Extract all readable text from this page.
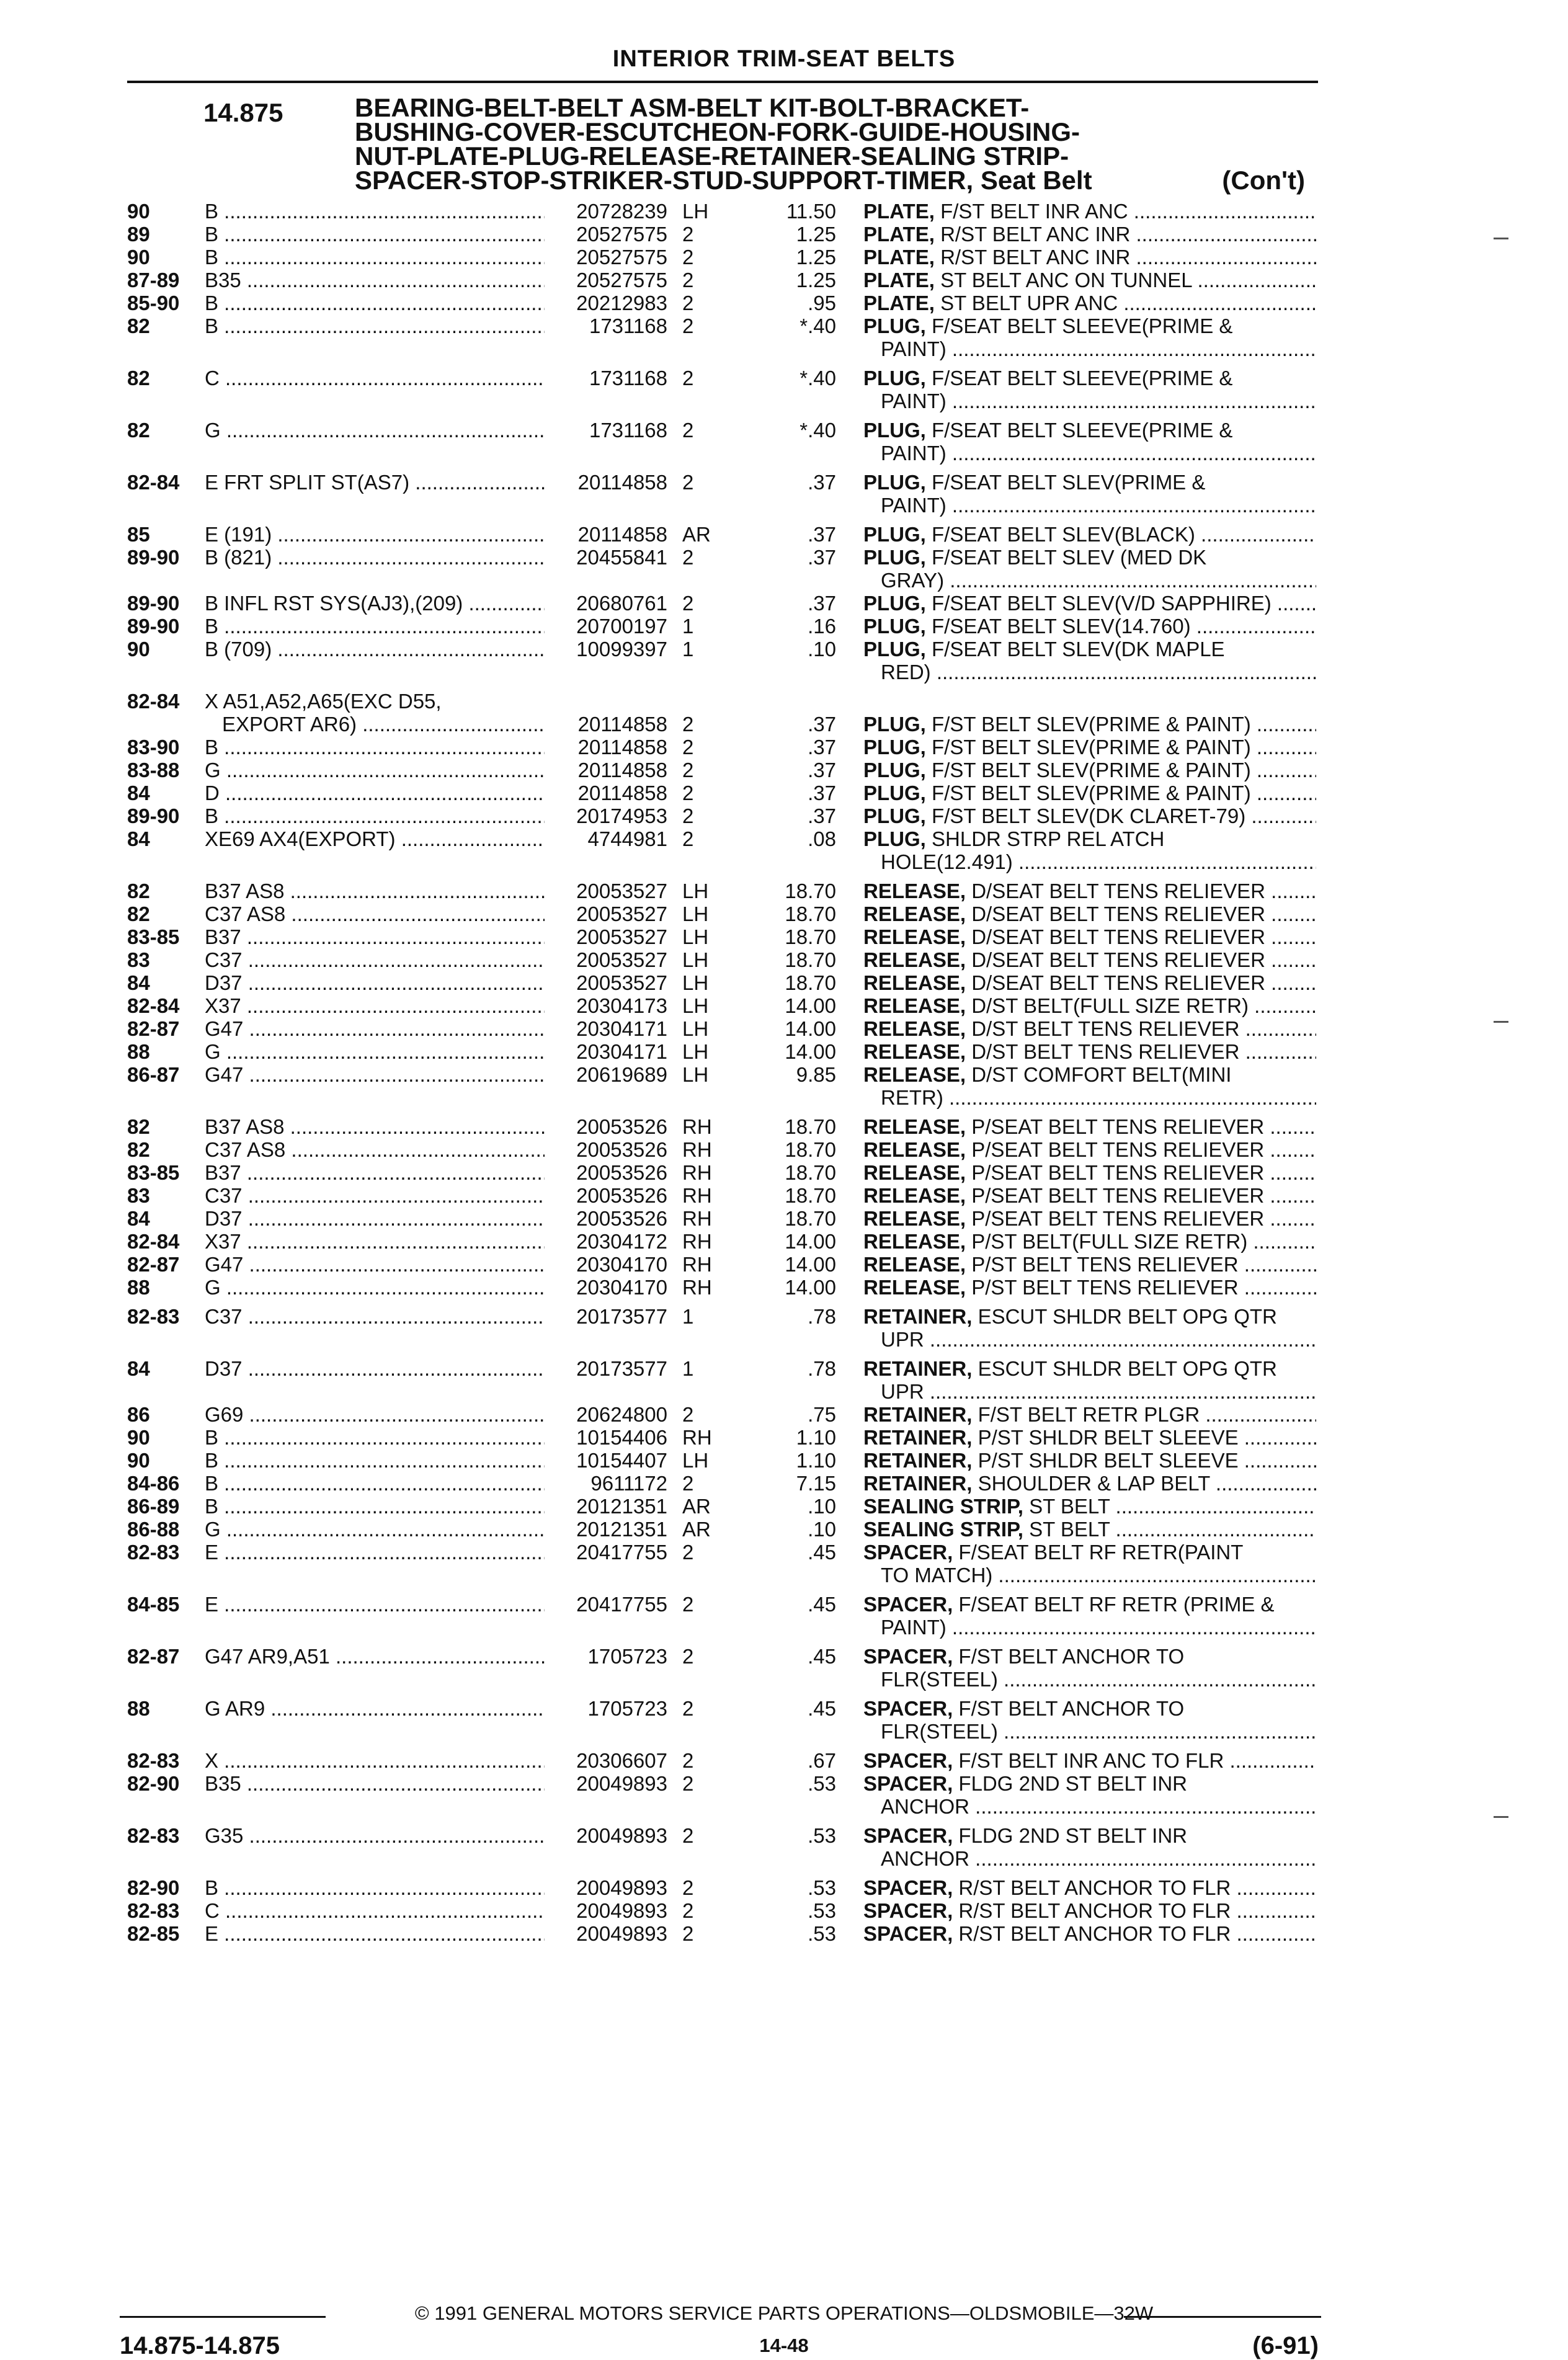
INTERIOR TRIM-SEAT BELTS
14.875	BEARING-BELT-BELT ASM-BELT KIT-BOLT-BRACKET-
BUSHING-COVER-ESCUTCHEON-FORK-GUIDE-HOUSING-
NUT-PLATE-PLUG-RELEASE-RETAINER-SEALING STRIP-
SPACER-STOP-STRIKER-STUD-SUPPORT-TIMER, Seat Belt	(Con't)
90	B .....	20728239 LH	11.50 PLATE, F/ST BELT INR ANC .....
89	B .....	20527575 2	1.25 PLATE, R/ST BELT ANC INR .....
90	B .....	20527575 2	1.25 PLATE, R/ST BELT ANC INR .....
87-89 B35 .....	20527575 2	1.25 PLATE, ST BELT ANC ON TUNNEL .....
85-90 B .....	20212983 2	.95 PLATE, ST BELT UPR ANC .....
82	B .....	1731168 2	*.40 PLUG, F/SEAT BELT SLEEVE(PRIME &
PAINT) .....
82	C .....	1731168 2	*.40 PLUG, F/SEAT BELT SLEEVE(PRIME &
PAINT) .....
82	G .....	1731168 2	*.40 PLUG, F/SEAT BELT SLEEVE(PRIME &
PAINT) .....
82-84 E FRT SPLIT ST(AS7) .....	20114858 2	.37 PLUG, F/SEAT BELT SLEV(PRIME &
PAINT) .....
85	E (191) .....	20114858 AR	.37 PLUG, F/SEAT BELT SLEV(BLACK) .....
89-90 B (821) .....	20455841 2	.37 PLUG, F/SEAT BELT SLEV (MED DK
GRAY) .....
89-90 B INFL RST SYS(AJ3),(209) .....	20680761 2	.37 PLUG, F/SEAT BELT SLEV(V/D SAPPHIRE) .....
89-90 B .....	20700197 1	.16 PLUG, F/SEAT BELT SLEV(14.760) .....
90	B (709) .....	10099397 1	.10 PLUG, F/SEAT BELT SLEV(DK MAPLE
RED) .....
82-84 X A51,A52,A65(EXC D55,
EXPORT AR6) .....	20114858 2	.37 PLUG, F/ST BELT SLEV(PRIME & PAINT) .....
83-90 B .....	20114858 2	.37 PLUG, F/ST BELT SLEV(PRIME & PAINT) .....
83-88 G .....	20114858 2	.37 PLUG, F/ST BELT SLEV(PRIME & PAINT) .....
84	D .....	20114858 2	.37 PLUG, F/ST BELT SLEV(PRIME & PAINT) .....
89-90 B .....	20174953 2	.37 PLUG, F/ST BELT SLEV(DK CLARET-79) .....
84	XE69 AX4(EXPORT) .....	4744981 2	.08 PLUG, SHLDR STRP REL ATCH
HOLE(12.491) .....
82	B37 AS8 .....	20053527 LH	18.70 RELEASE, D/SEAT BELT TENS RELIEVER .....
82	C37 AS8 .....	20053527 LH	18.70 RELEASE, D/SEAT BELT TENS RELIEVER .....
83-85 B37 .....	20053527 LH	18.70 RELEASE, D/SEAT BELT TENS RELIEVER .....
83	C37 .....	20053527 LH	18.70 RELEASE, D/SEAT BELT TENS RELIEVER .....
84	D37 .....	20053527 LH	18.70 RELEASE, D/SEAT BELT TENS RELIEVER .....
82-84 X37 .....	20304173 LH	14.00 RELEASE, D/ST BELT(FULL SIZE RETR) .....
82-87 G47 .....	20304171 LH	14.00 RELEASE, D/ST BELT TENS RELIEVER .....
88	G .....	20304171 LH	14.00 RELEASE, D/ST BELT TENS RELIEVER .....
86-87 G47 .....	20619689 LH	9.85 RELEASE, D/ST COMFORT BELT(MINI
RETR) .....
82	B37 AS8 .....	20053526 RH	18.70 RELEASE, P/SEAT BELT TENS RELIEVER .....
82	C37 AS8 .....	20053526 RH	18.70 RELEASE, P/SEAT BELT TENS RELIEVER .....
83-85 B37 .....	20053526 RH	18.70 RELEASE, P/SEAT BELT TENS RELIEVER .....
83	C37 .....	20053526 RH	18.70 RELEASE, P/SEAT BELT TENS RELIEVER .....
84	D37 .....	20053526 RH	18.70 RELEASE, P/SEAT BELT TENS RELIEVER .....
82-84 X37 .....	20304172 RH	14.00 RELEASE, P/ST BELT(FULL SIZE RETR) .....
82-87 G47 .....	20304170 RH	14.00 RELEASE, P/ST BELT TENS RELIEVER .....
88	G .....	20304170 RH	14.00 RELEASE, P/ST BELT TENS RELIEVER .....
82-83 C37 .....	20173577 1	.78 RETAINER, ESCUT SHLDR BELT OPG QTR
UPR .....
84	D37 .....	20173577 1	.78 RETAINER, ESCUT SHLDR BELT OPG QTR
UPR .....
86	G69 .....	20624800 2	.75 RETAINER, F/ST BELT RETR PLGR .....
90	B .....	10154406 RH	1.10 RETAINER, P/ST SHLDR BELT SLEEVE .....
90	B .....	10154407 LH	1.10 RETAINER, P/ST SHLDR BELT SLEEVE .....
84-86 B .....	9611172 2	7.15 RETAINER, SHOULDER & LAP BELT .....
86-89 B .....	20121351 AR	.10 SEALING STRIP, ST BELT .....
86-88 G .....	20121351 AR	.10 SEALING STRIP, ST BELT .....
82-83 E .....	20417755 2	.45 SPACER, F/SEAT BELT RF RETR(PAINT
TO MATCH) .....
84-85 E .....	20417755 2	.45 SPACER, F/SEAT BELT RF RETR (PRIME &
PAINT) .....
82-87 G47 AR9,A51 .....	1705723 2	.45 SPACER, F/ST BELT ANCHOR TO
FLR(STEEL) .....
88	G AR9 .....	1705723 2	.45 SPACER, F/ST BELT ANCHOR TO
FLR(STEEL) .....
82-83 X .....	20306607 2	.67 SPACER, F/ST BELT INR ANC TO FLR .....
82-90 B35 .....	20049893 2	.53 SPACER, FLDG 2ND ST BELT INR
ANCHOR .....
82-83 G35 .....	20049893 2	.53 SPACER, FLDG 2ND ST BELT INR
ANCHOR .....
82-90 B .....	20049893 2	.53 SPACER, R/ST BELT ANCHOR TO FLR .....
82-83 C .....	20049893 2	.53 SPACER, R/ST BELT ANCHOR TO FLR .....
82-85 E .....	20049893 2	.53 SPACER, R/ST BELT ANCHOR TO FLR .....
© 1991 GENERAL MOTORS SERVICE PARTS OPERATIONS—OLDSMOBILE—32W
14.875-14.875	14-48	(6-91)
